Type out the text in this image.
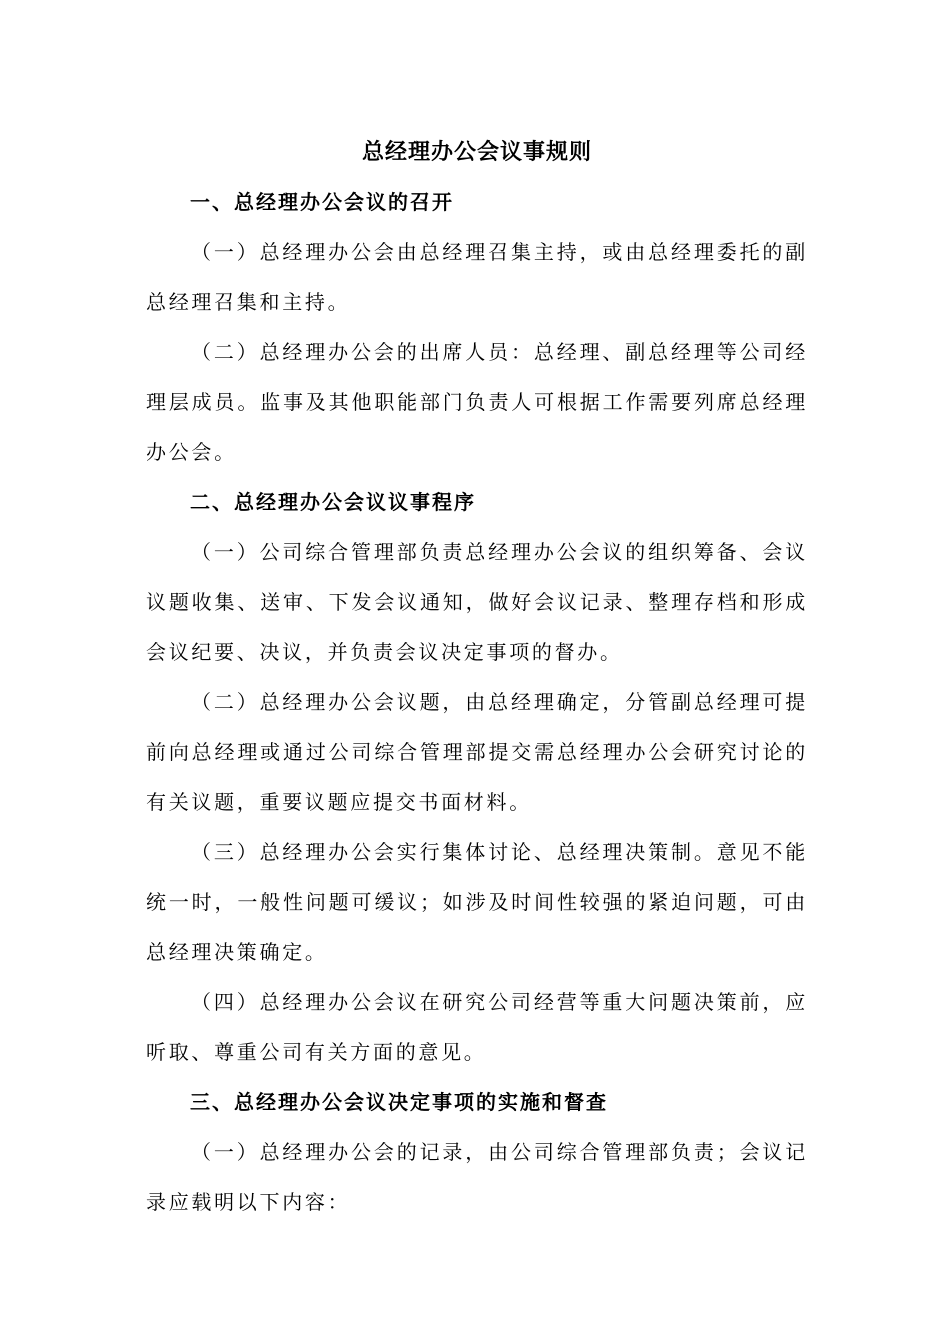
总经理办公会议事规则

一、总经理办公会议的召开

（一）总经理办公会由总经理召集主持，或由总经理委托的副总经理召集和主持。

（二）总经理办公会的出席人员：总经理、副总经理等公司经理层成员。监事及其他职能部门负责人可根据工作需要列席总经理办公会。

二、总经理办公会议议事程序

（一）公司综合管理部负责总经理办公会议的组织筹备、会议议题收集、送审、下发会议通知，做好会议记录、整理存档和形成会议纪要、决议，并负责会议决定事项的督办。

（二）总经理办公会议题，由总经理确定，分管副总经理可提前向总经理或通过公司综合管理部提交需总经理办公会研究讨论的有关议题，重要议题应提交书面材料。

（三）总经理办公会实行集体讨论、总经理决策制。意见不能统一时，一般性问题可缓议；如涉及时间性较强的紧迫问题，可由总经理决策确定。

（四）总经理办公会议在研究公司经营等重大问题决策前，应听取、尊重公司有关方面的意见。

三、总经理办公会议决定事项的实施和督查

（一）总经理办公会的记录，由公司综合管理部负责；会议记录应载明以下内容：
